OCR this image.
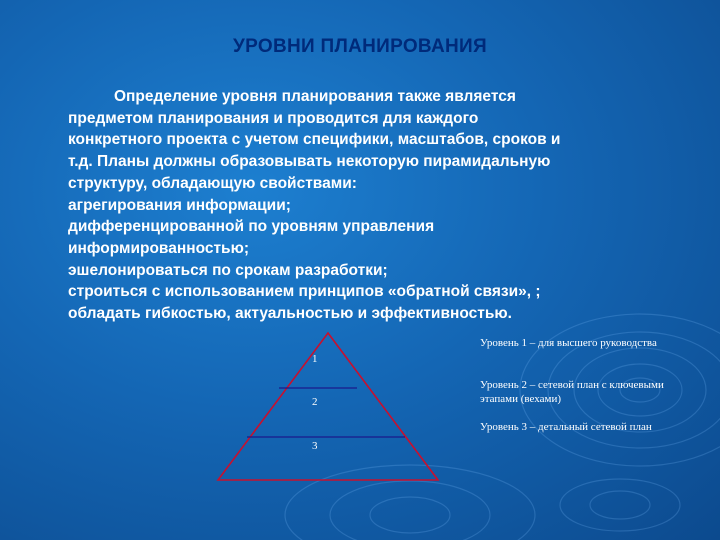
УРОВНИ ПЛАНИРОВАНИЯ
Определение уровня планирования также является
предметом планирования и проводится для каждого
конкретного проекта с учетом специфики, масштабов, сроков и
т.д. Планы должны образовывать некоторую пирамидальную
структуру, обладающую свойствами:
агрегирования информации;
дифференцированной по уровням управления
информированностью;
эшелонироваться по срокам разработки;
строиться с использованием принципов «обратной связи», ;
обладать гибкостью, актуальностью и эффективностью.
1
2
3
Уровень 1 – для высшего руководства
Уровень 2 – сетевой план с ключевыми этапами (вехами)
Уровень 3 – детальный сетевой план
